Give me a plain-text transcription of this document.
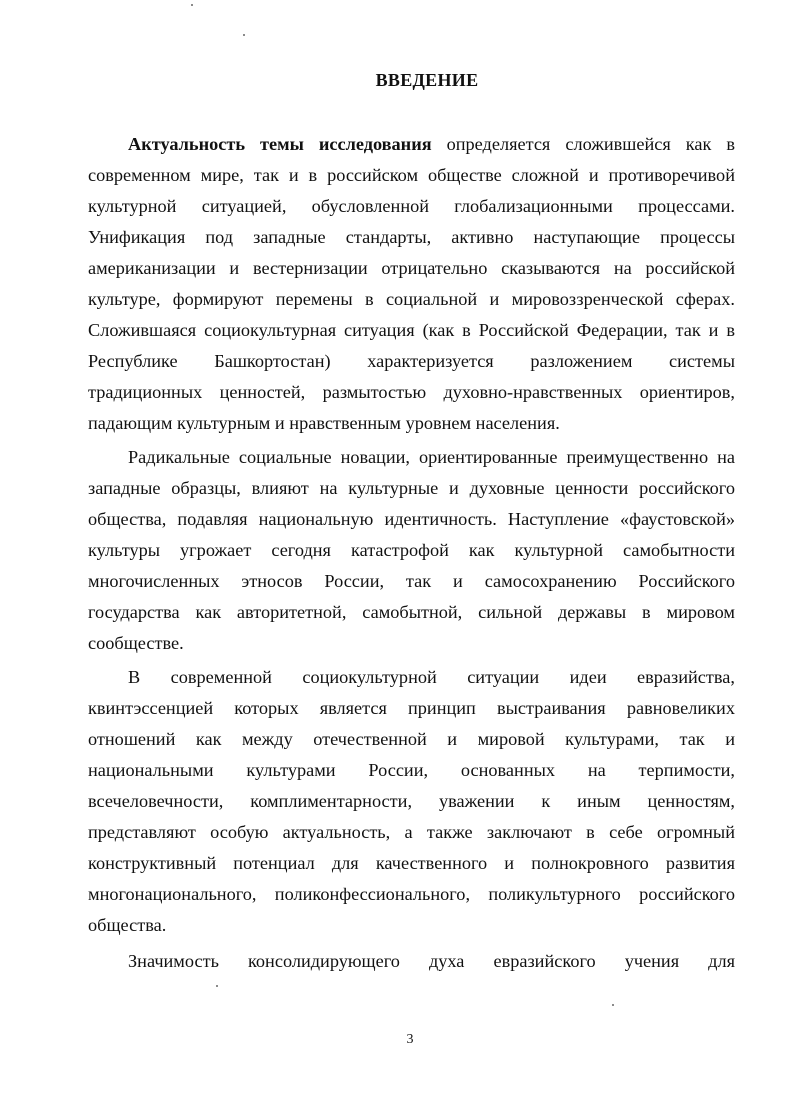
ВВЕДЕНИЕ
Актуальность темы исследования определяется сложившейся как в
современном мире, так и в российском обществе сложной и противоречивой
культурной ситуацией, обусловленной глобализационными процессами.
Унификация под западные стандарты, активно наступающие процессы
американизации и вестернизации отрицательно сказываются на российской
культуре, формируют перемены в социальной и мировоззренческой сферах.
Сложившаяся социокультурная ситуация (как в Российской Федерации, так и в
Республике Башкортостан) характеризуется разложением системы
традиционных ценностей, размытостью духовно-нравственных ориентиров,
падающим культурным и нравственным уровнем населения.
Радикальные социальные новации, ориентированные преимущественно на
западные образцы, влияют на культурные и духовные ценности российского
общества, подавляя национальную идентичность. Наступление «фаустовской»
культуры угрожает сегодня катастрофой как культурной самобытности
многочисленных этносов России, так и самосохранению Российского
государства как авторитетной, самобытной, сильной державы в мировом
сообществе.
В современной социокультурной ситуации идеи евразийства,
квинтэссенцией которых является принцип выстраивания равновеликих
отношений как между отечественной и мировой культурами, так и
национальными культурами России, основанных на терпимости,
всечеловечности, комплиментарности, уважении к иным ценностям,
представляют особую актуальность, а также заключают в себе огромный
конструктивный потенциал для качественного и полнокровного развития
многонационального, поликонфессионального, поликультурного российского
общества.
Значимость консолидирующего духа евразийского учения для
3
